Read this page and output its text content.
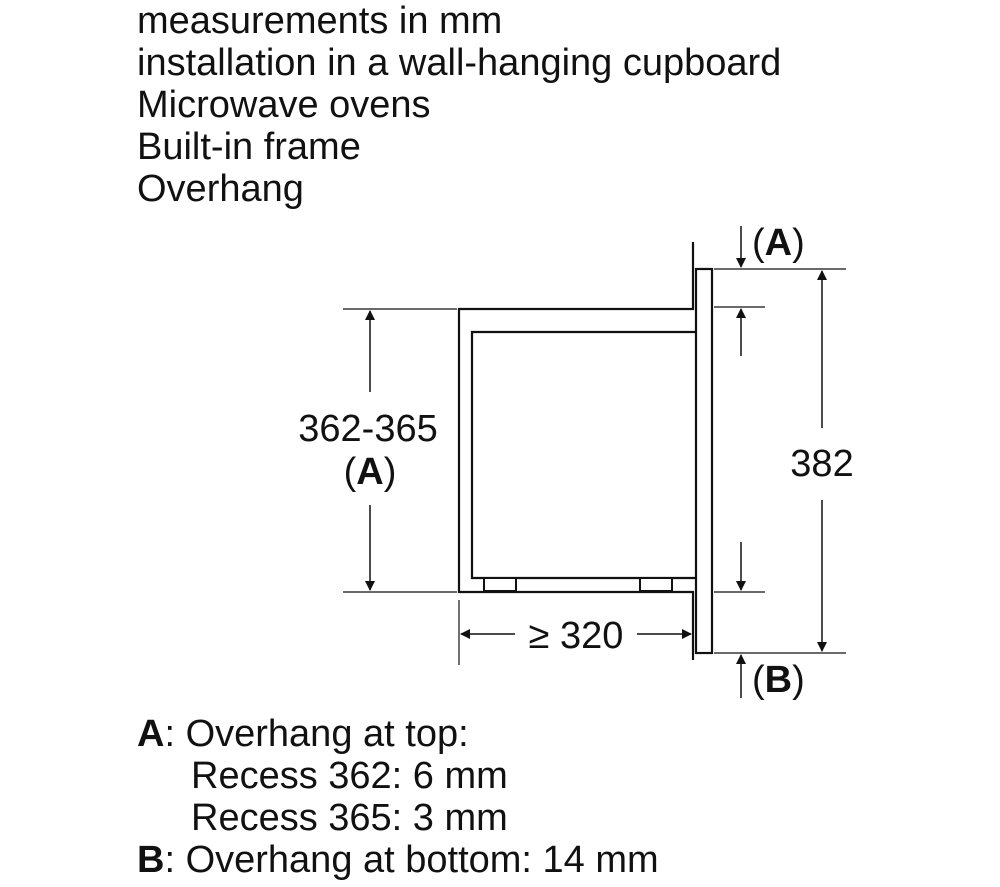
measurements in mm
installation in a wall-hanging cupboard
Microwave ovens
Built-in frame
Overhang
362-365
(A)
≥ 320
382
(A)
(B)
A: Overhang at top:
Recess 362: 6 mm
Recess 365: 3 mm
B: Overhang at bottom: 14 mm
